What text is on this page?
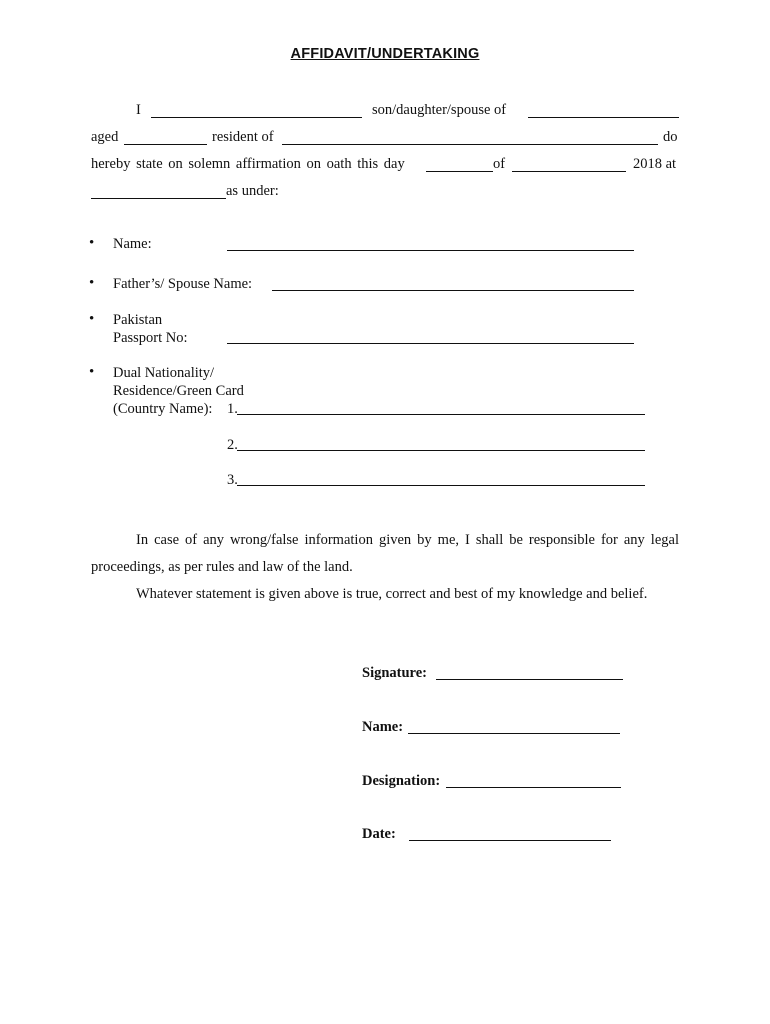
AFFIDAVIT/UNDERTAKING
I	son/daughter/spouse of
aged	resident of	do
hereby state on solemn affirmation on oath this day	of	2018 at
as under:
• Name:
• Father’s/ Spouse Name:
• Pakistan
Passport No:
• Dual Nationality/
Residence/Green Card
(Country Name): 1.
2.
3.
In case of any wrong/false information given by me, I shall be responsible for any legal
proceedings, as per rules and law of the land.
Whatever statement is given above is true, correct and best of my knowledge and belief.
Signature:
Name:
Designation:
Date:
